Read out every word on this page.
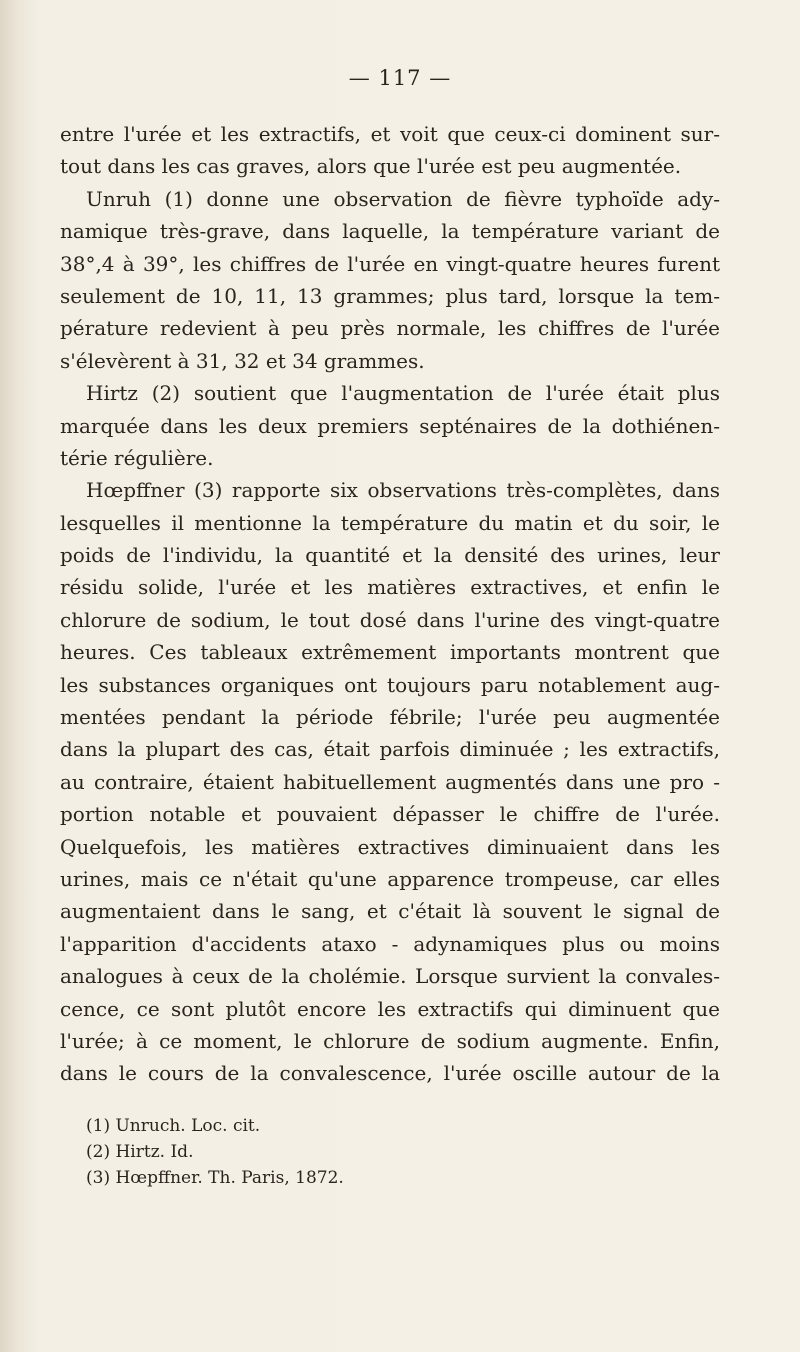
— 117 —
entre l'urée et les extractifs, et voit que ceux-ci dominent sur-
tout dans les cas graves, alors que l'urée est peu augmentée.
Unruh (1) donne une observation de fièvre typhoïde ady-
namique très-grave, dans laquelle, la température variant de
38°,4 à 39°, les chiffres de l'urée en vingt-quatre heures furent
seulement de 10, 11, 13 grammes; plus tard, lorsque la tem-
pérature redevient à peu près normale, les chiffres de l'urée
s'élevèrent à 31, 32 et 34 grammes.
Hirtz (2) soutient que l'augmentation de l'urée était plus
marquée dans les deux premiers septénaires de la dothiénen-
térie régulière.
Hœpffner (3) rapporte six observations très-complètes, dans
lesquelles il mentionne la température du matin et du soir, le
poids de l'individu, la quantité et la densité des urines, leur
résidu solide, l'urée et les matières extractives, et enfin le
chlorure de sodium, le tout dosé dans l'urine des vingt-quatre
heures. Ces tableaux extrêmement importants montrent que
les substances organiques ont toujours paru notablement aug-
mentées pendant la période fébrile; l'urée peu augmentée
dans la plupart des cas, était parfois diminuée ; les extractifs,
au contraire, étaient habituellement augmentés dans une pro -
portion notable et pouvaient dépasser le chiffre de l'urée.
Quelquefois, les matières extractives diminuaient dans les
urines, mais ce n'était qu'une apparence trompeuse, car elles
augmentaient dans le sang, et c'était là souvent le signal de
l'apparition d'accidents ataxo - adynamiques plus ou moins
analogues à ceux de la cholémie. Lorsque survient la convales-
cence, ce sont plutôt encore les extractifs qui diminuent que
l'urée; à ce moment, le chlorure de sodium augmente. Enfin,
dans le cours de la convalescence, l'urée oscille autour de la
(1) Unruch. Loc. cit.
(2) Hirtz. Id.
(3) Hœpffner. Th. Paris, 1872.
